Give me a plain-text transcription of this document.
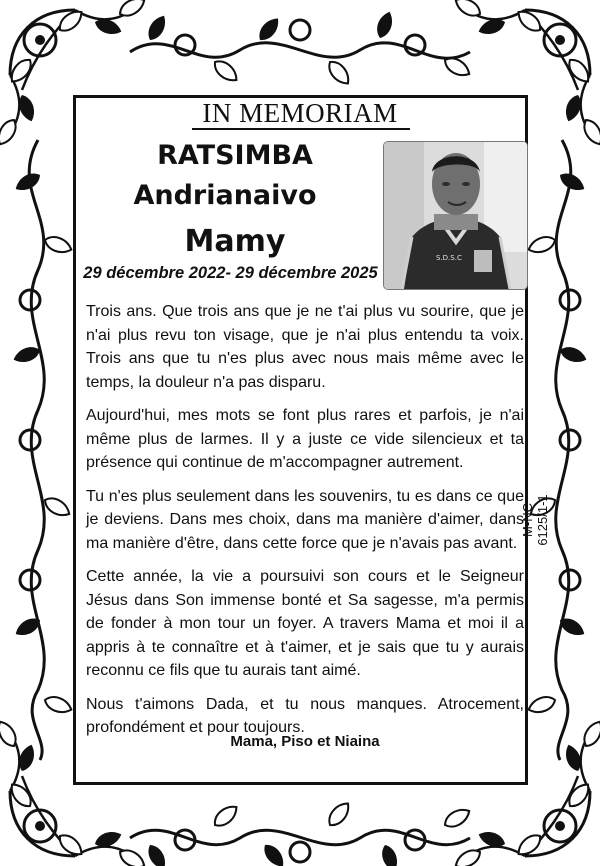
IN MEMORIAM
RATSIMBA
Andrianaivo
Mamy
29 décembre 2022- 29 décembre 2025
S.D.S.C

Trois ans. Que trois ans que je ne t'ai plus vu sourire, que je n'ai plus revu ton visage, que je n'ai plus entendu ta voix. Trois ans que tu n'es plus avec nous mais même avec le temps, la douleur n'a pas disparu.

Aujourd'hui, mes mots se font plus rares et parfois, je n'ai même plus de larmes. Il y a juste ce vide silencieux et ta présence qui continue de m'accompagner autrement.

Tu n'es plus seulement dans les souvenirs, tu es dans ce que je deviens. Dans mes choix, dans ma manière d'aimer, dans ma manière d'être, dans cette force que je n'avais pas avant.

Cette année, la vie a poursuivi son cours et le Seigneur Jésus dans Son immense bonté et Sa sagesse, m'a permis de fonder à mon tour un foyer. A travers Mama et moi il a appris à te connaître et à t'aimer, et je sais que tu y aurais reconnu ce fils que tu aurais tant aimé.

Nous t'aimons Dada, et tu nous manques. Atrocement, profondément et pour toujours.

Mama, Piso et Niaina
M-NC 6125/1-1
